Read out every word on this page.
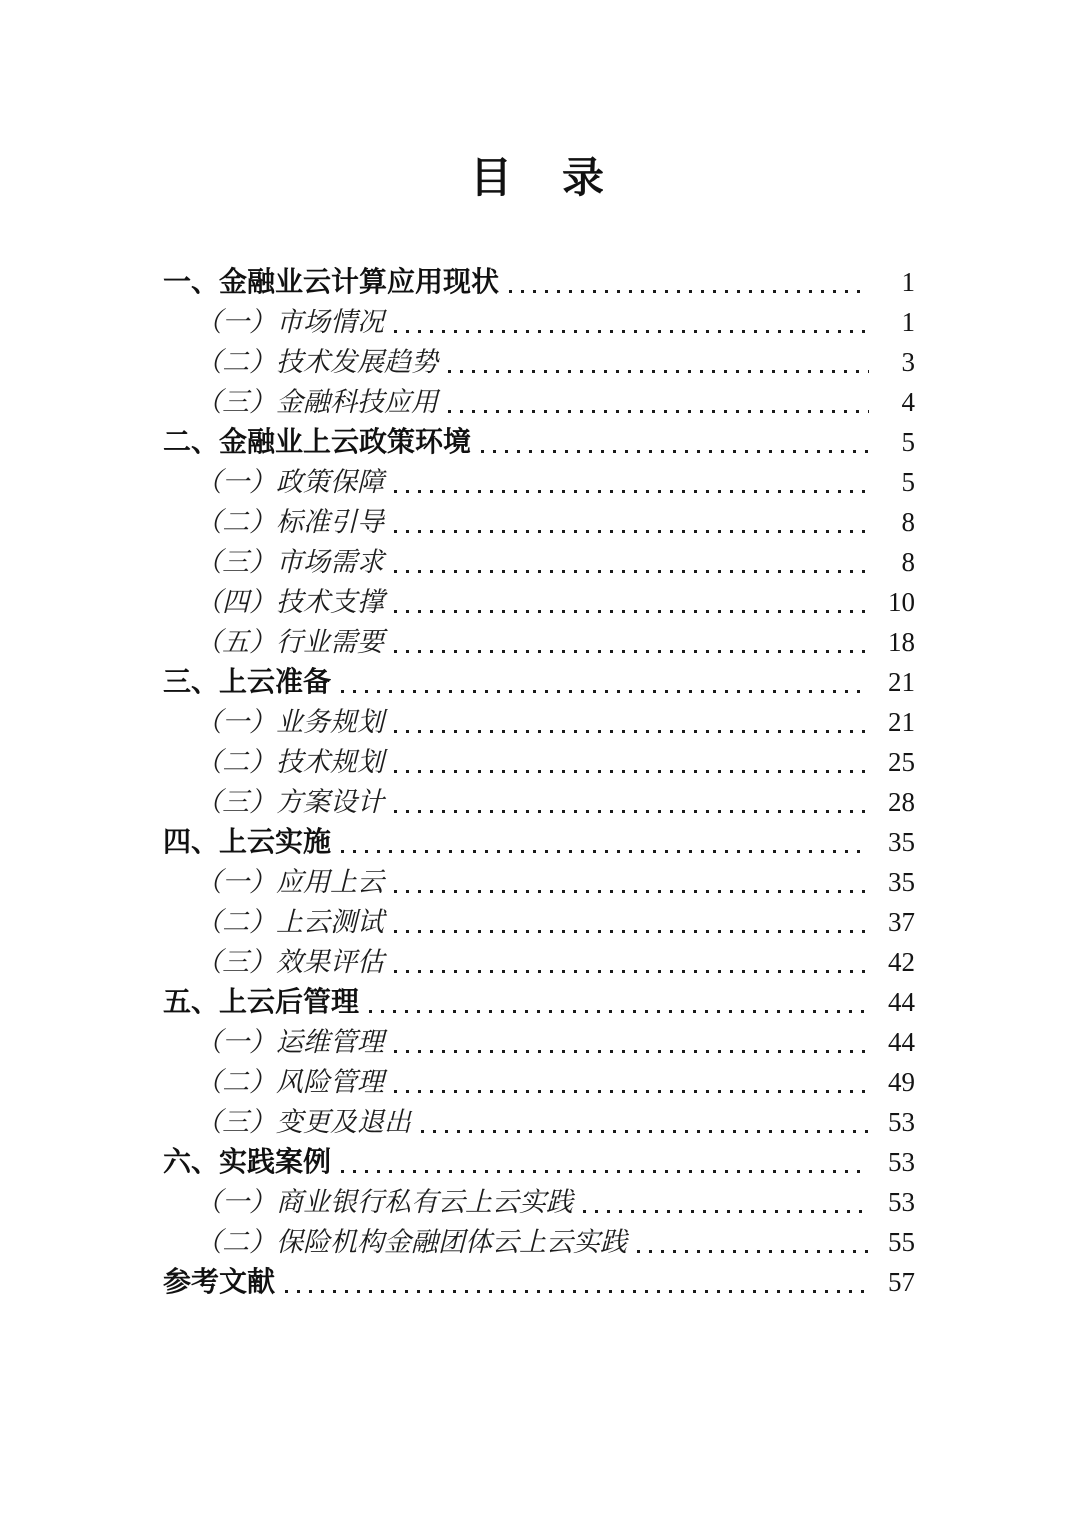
目　录
一、金融业云计算应用现状	1
（一）市场情况	1
（二）技术发展趋势	3
（三）金融科技应用	4
二、金融业上云政策环境	5
（一）政策保障	5
（二）标准引导	8
（三）市场需求	8
（四）技术支撑	10
（五）行业需要	18
三、上云准备	21
（一）业务规划	21
（二）技术规划	25
（三）方案设计	28
四、上云实施	35
（一）应用上云	35
（二）上云测试	37
（三）效果评估	42
五、上云后管理	44
（一）运维管理	44
（二）风险管理	49
（三）变更及退出	53
六、实践案例	53
（一）商业银行私有云上云实践	53
（二）保险机构金融团体云上云实践	55
参考文献	57
